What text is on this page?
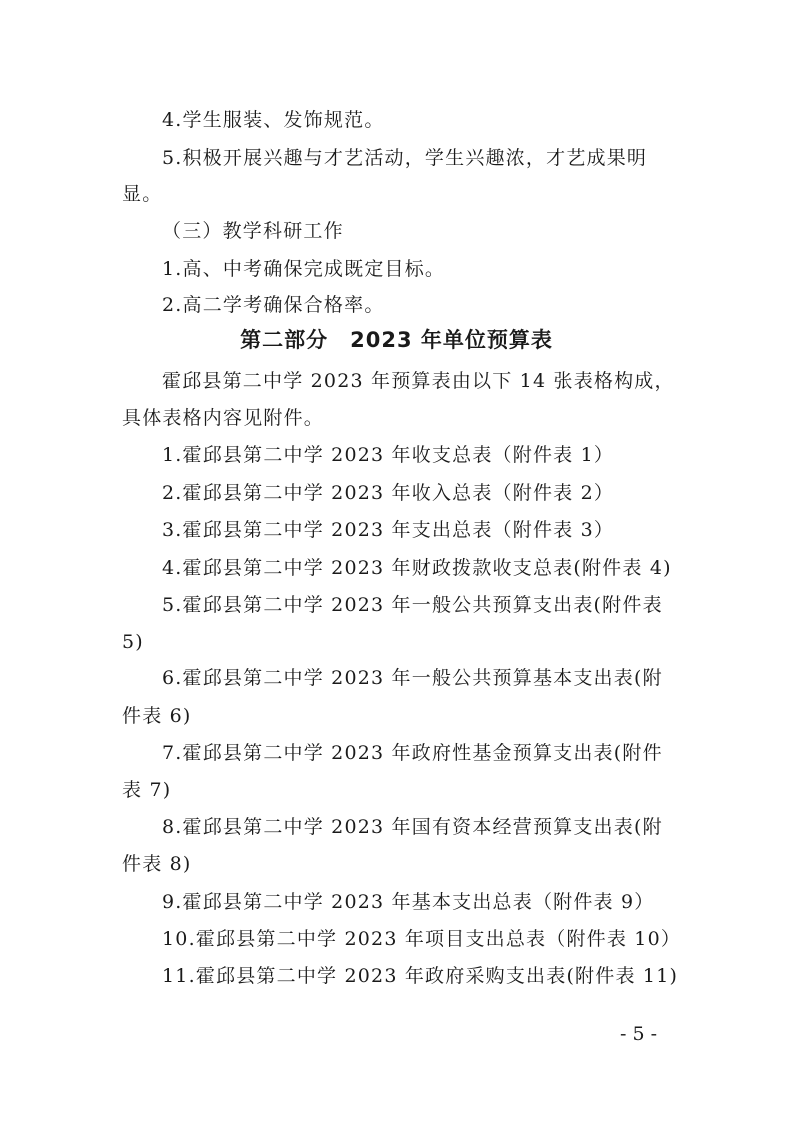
4.学生服装、发饰规范。
5.积极开展兴趣与才艺活动，学生兴趣浓，才艺成果明
显。
（三）教学科研工作
1.高、中考确保完成既定目标。
2.高二学考确保合格率。
第二部分　2023 年单位预算表
霍邱县第二中学 2023 年预算表由以下 14 张表格构成，
具体表格内容见附件。
1.霍邱县第二中学 2023 年收支总表（附件表 1）
2.霍邱县第二中学 2023 年收入总表（附件表 2）
3.霍邱县第二中学 2023 年支出总表（附件表 3）
4.霍邱县第二中学 2023 年财政拨款收支总表(附件表 4)
5.霍邱县第二中学 2023 年一般公共预算支出表(附件表
5)
6.霍邱县第二中学 2023 年一般公共预算基本支出表(附
件表 6)
7.霍邱县第二中学 2023 年政府性基金预算支出表(附件
表 7)
8.霍邱县第二中学 2023 年国有资本经营预算支出表(附
件表 8)
9.霍邱县第二中学 2023 年基本支出总表（附件表 9）
10.霍邱县第二中学 2023 年项目支出总表（附件表 10）
11.霍邱县第二中学 2023 年政府采购支出表(附件表 11)
- 5 -
